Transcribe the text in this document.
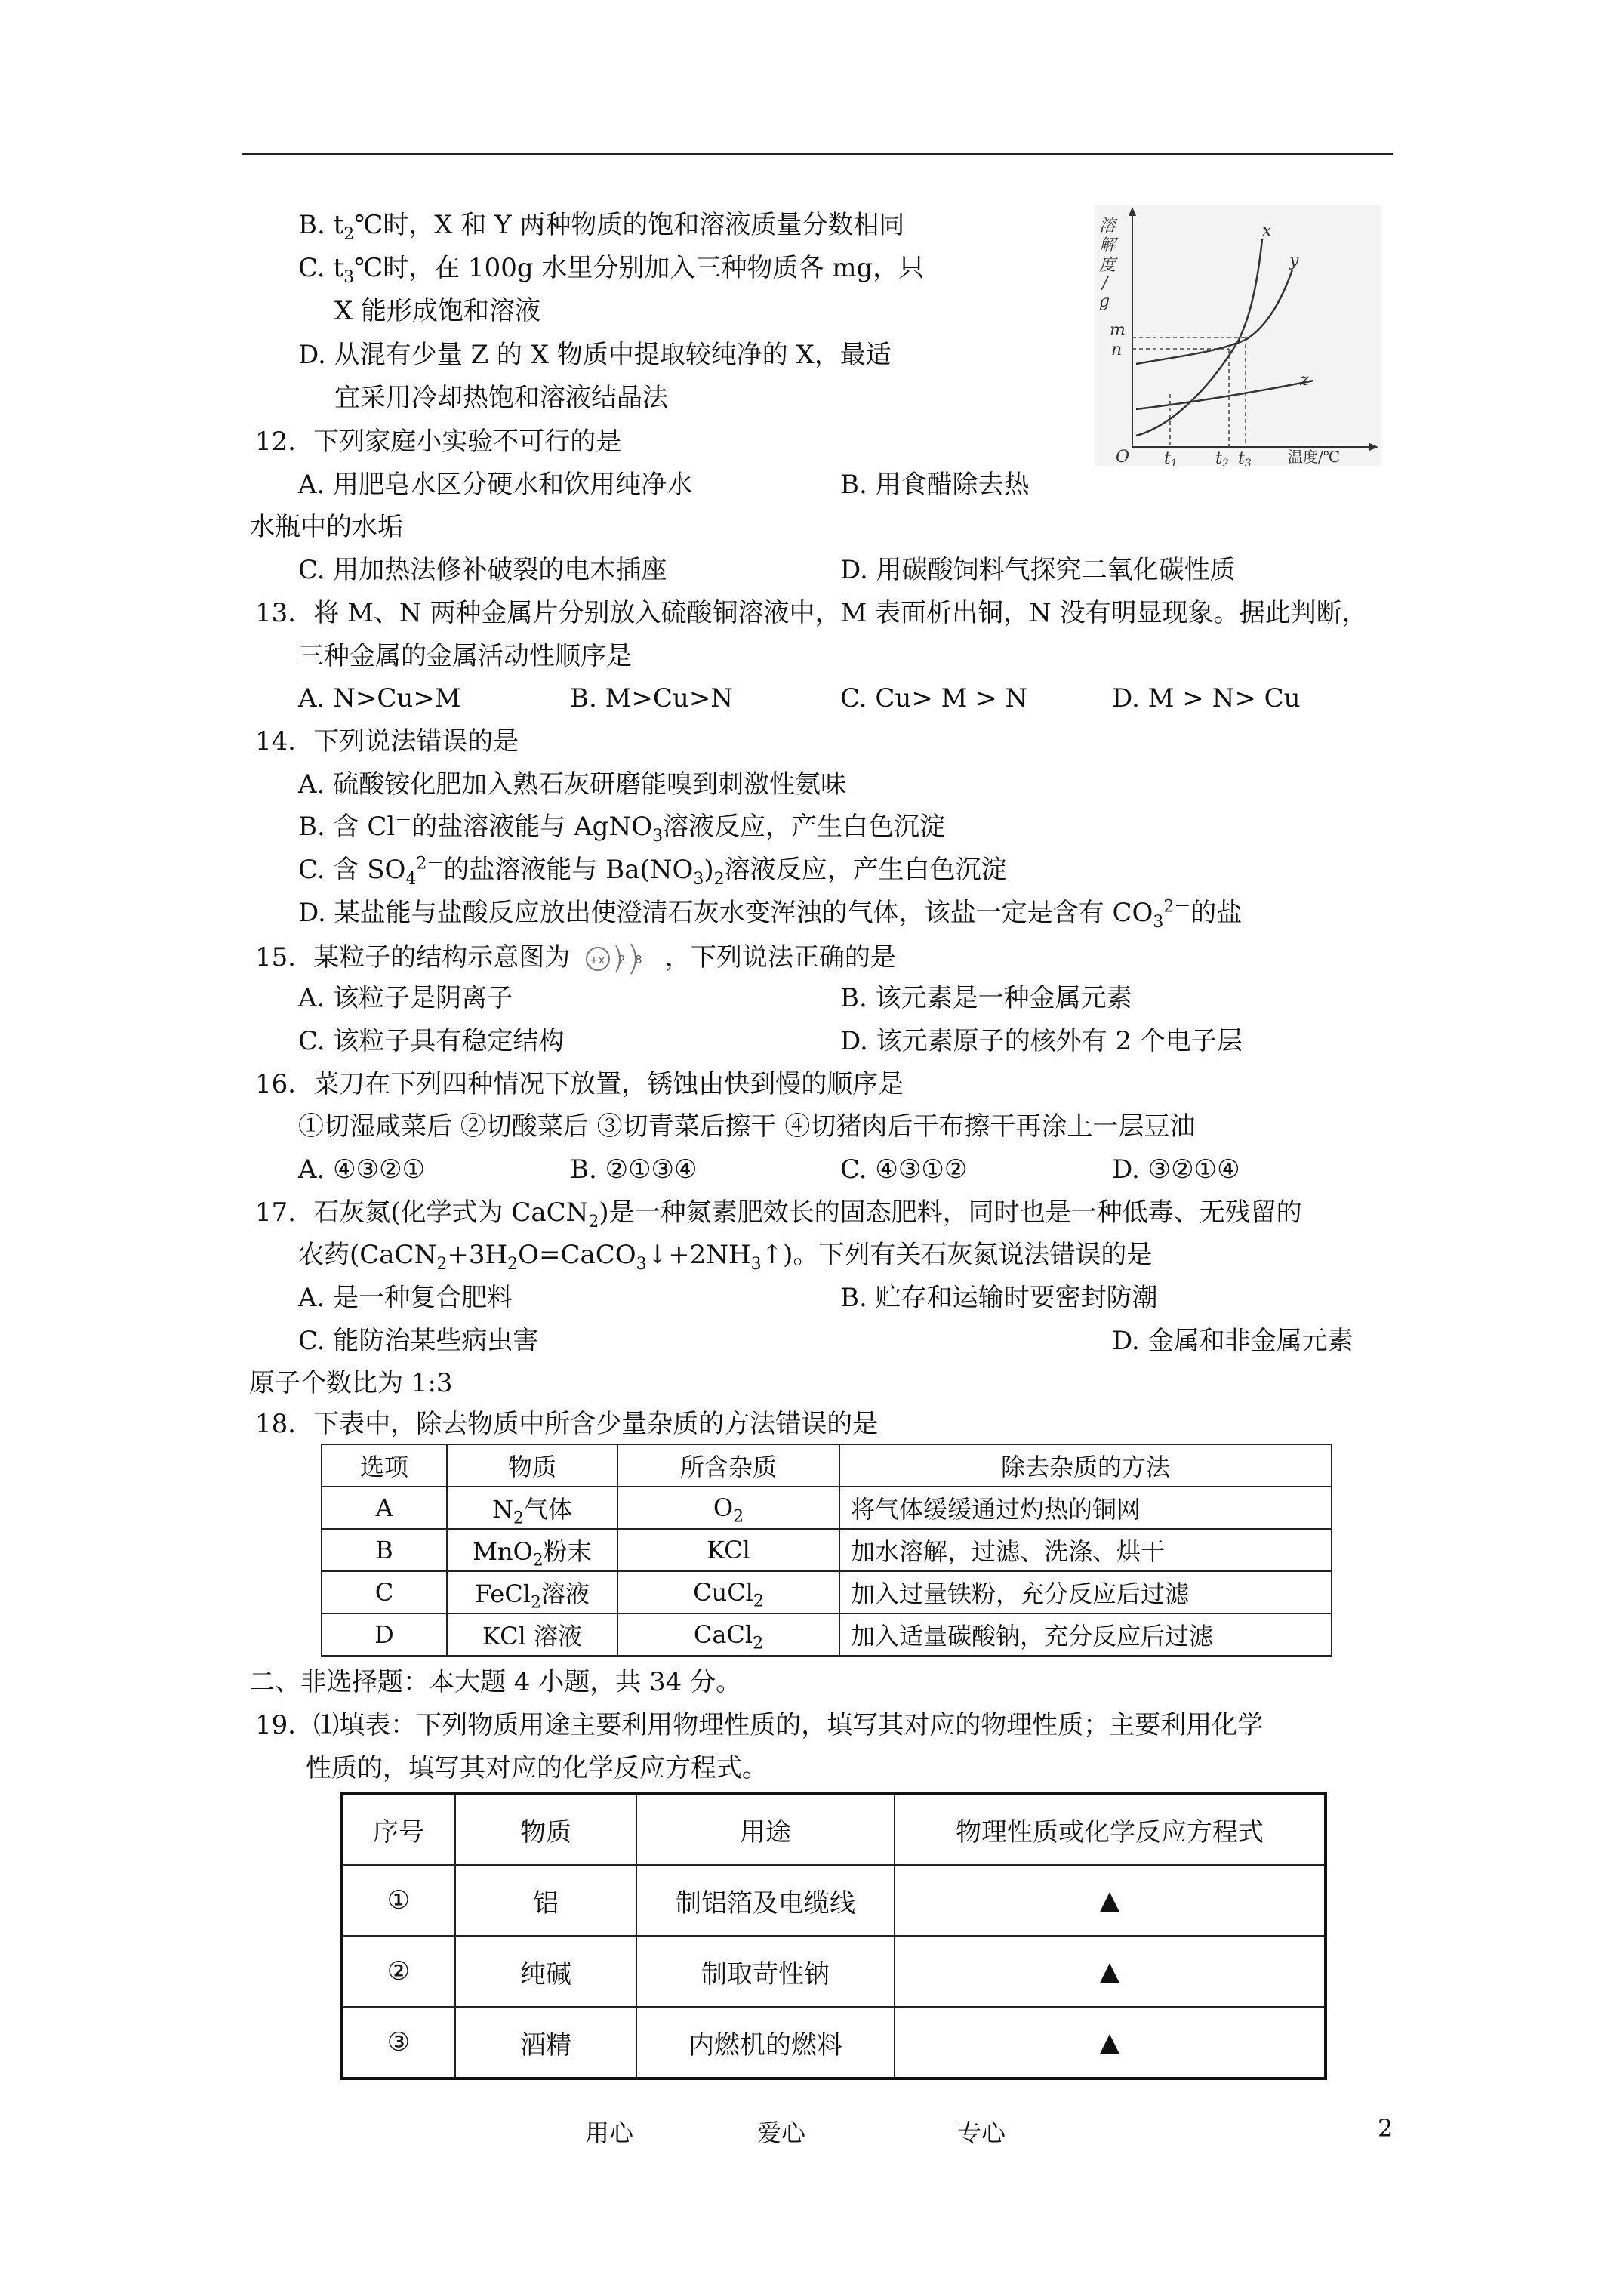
B. $t_2℃$时，X 和 Y 两种物质的饱和溶液质量分数相同
C. $t_3℃$时，在 100g 水里分别加入三种物质各 mg，只
X 能形成饱和溶液
D. 从混有少量 Z 的 X 物质中提取较纯净的 X，最适
宜采用冷却热饱和溶液结晶法
溶
解
度
/
g
m
n
O t1 t2 t3 温度/℃
x
y
z
12．下列家庭小实验不可行的是
A. 用肥皂水区分硬水和饮用纯净水	B. 用食醋除去热
水瓶中的水垢
C. 用加热法修补破裂的电木插座	D. 用碳酸饲料气探究二氧化碳性质
13．将 M、N 两种金属片分别放入硫酸铜溶液中，M 表面析出铜，N 没有明显现象。据此判断，
三种金属的金属活动性顺序是
A. N>Cu>M	B. M>Cu>N	C. Cu> M > N	D. M > N> Cu
14．下列说法错误的是
A. 硫酸铵化肥加入熟石灰研磨能嗅到刺激性氨味
B. 含 Cl－的盐溶液能与 AgNO$_3$溶液反应，产生白色沉淀
C. 含 $SO_4^{2-}$的盐溶液能与 $Ba(NO_3)_2$溶液反应，产生白色沉淀
D. 某盐能与盐酸反应放出使澄清石灰水变浑浊的气体，该盐一定是含有 $CO_3^{2-}$的盐
15．某粒子的结构示意图为 +x 2 8 ，下列说法正确的是
A. 该粒子是阴离子	B. 该元素是一种金属元素
C. 该粒子具有稳定结构	D. 该元素原子的核外有 2 个电子层
16．菜刀在下列四种情况下放置，锈蚀由快到慢的顺序是
①切湿咸菜后 ②切酸菜后 ③切青菜后擦干 ④切猪肉后干布擦干再涂上一层豆油
A. ④③②①	B. ②①③④	C. ④③①②	D. ③②①④
17．石灰氮(化学式为 CaCN$_2$)是一种氮素肥效长的固态肥料，同时也是一种低毒、无残留的
农药$(CaCN_2+3H_2O=CaCO_3↓+2NH_3↑)$。下列有关石灰氮说法错误的是
A. 是一种复合肥料	B. 贮存和运输时要密封防潮
C. 能防治某些病虫害	D. 金属和非金属元素
原子个数比为 1:3
18．下表中，除去物质中所含少量杂质的方法错误的是
选项	物质	所含杂质	除去杂质的方法
A	$N_2$气体	$O_2$	将气体缓缓通过灼热的铜网
B	MnO$_2$粉末	KCl	加水溶解，过滤、洗涤、烘干
C	FeCl$_2$溶液	CuCl$_2$	加入过量铁粉，充分反应后过滤
D	KCl 溶液	CaCl$_2$	加入适量碳酸钠，充分反应后过滤
二、非选择题：本大题 4 小题，共 34 分。
19．⑴填表：下列物质用途主要利用物理性质的，填写其对应的物理性质；主要利用化学
性质的，填写其对应的化学反应方程式。
序号	物质	用途	物理性质或化学反应方程式
①	铝	制铝箔及电缆线	▲
②	纯碱	制取苛性钠	▲
③	酒精	内燃机的燃料	▲
用心	爱心	专心	2
